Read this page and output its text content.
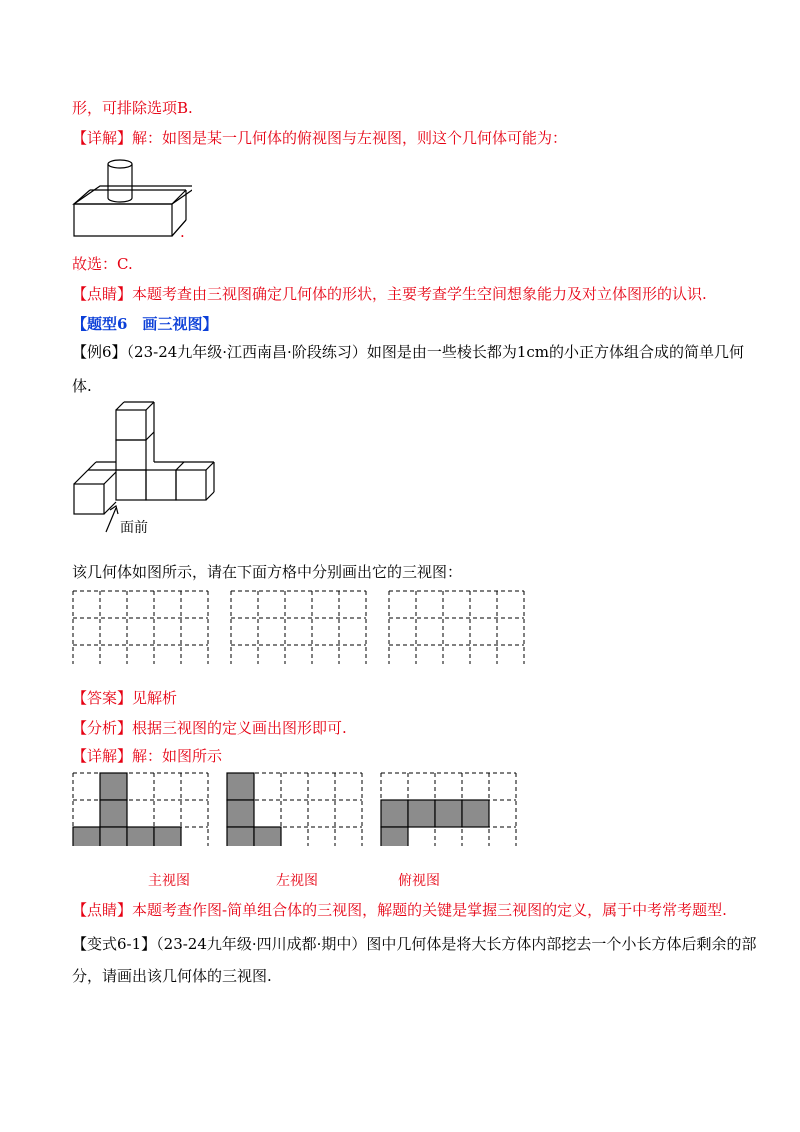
形，可排除选项B.
【详解】解：如图是某一几何体的俯视图与左视图，则这个几何体可能为：
.
故选：C.
【点睛】本题考查由三视图确定几何体的形状，主要考查学生空间想象能力及对立体图形的认识.
【题型6　画三视图】
【例6】（23-24九年级·江西南昌·阶段练习）如图是由一些棱长都为1cm的小正方体组合成的简单几何
体.
面前
该几何体如图所示，请在下面方格中分别画出它的三视图：
【答案】见解析
【分析】根据三视图的定义画出图形即可.
【详解】解：如图所示
主视图	左视图	俯视图
【点睛】本题考查作图-简单组合体的三视图，解题的关键是掌握三视图的定义，属于中考常考题型.
【变式6-1】（23-24九年级·四川成都·期中）图中几何体是将大长方体内部挖去一个小长方体后剩余的部
分，请画出该几何体的三视图.
